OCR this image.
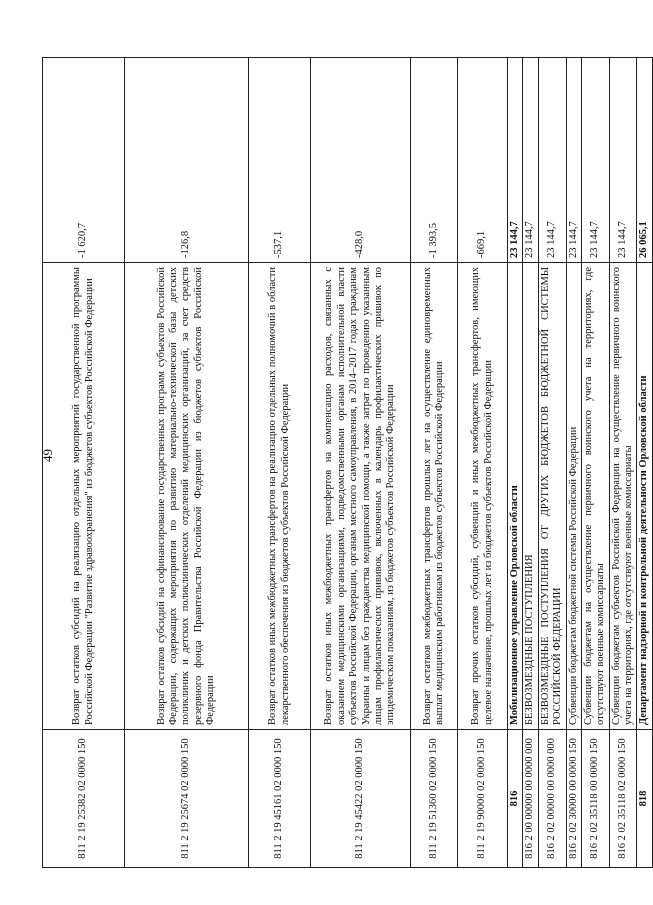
49
811 2 19 25382 02 0000 150	Возврат остатков субсидий на реализацию отдельных мероприятий государственной программы Российской Федерации "Развитие здравоохранения" из бюджетов субъектов Российской Федерации	-1 620,7
811 2 19 25674 02 0000 150	Возврат остатков субсидий на софинансирование государственных программ субъектов Российской Федерации, содержащих мероприятия по развитию материально-технической базы детских поликлиник и детских поликлинических отделений медицинских организаций, за счет средств резервного фонда Правительства Российской Федерации из бюджетов субъектов Российской Федерации	-126,8
811 2 19 45161 02 0000 150	Возврат остатков иных межбюджетных трансфертов на реализацию отдельных полномочий в области лекарственного обеспечения из бюджетов субъектов Российской Федерации	-537,1
811 2 19 45422 02 0000 150	Возврат остатков иных межбюджетных трансфертов на компенсацию расходов, связанных с оказанием медицинскими организациями, подведомственными органам исполнительной власти субъектов Российской Федерации, органам местного самоуправления, в 2014–2017 годах гражданам Украины и лицам без гражданства медицинской помощи, а также затрат по проведению указанным лицам профилактических прививок, включенных в календарь профилактических прививок по эпидемическим показаниям, из бюджетов субъектов Российской Федерации	-428,0
811 2 19 51360 02 0000 150	Возврат остатков межбюджетных трансфертов прошлых лет на осуществление единовременных выплат медицинским работникам из бюджетов субъектов Российской Федерации	-1 393,5
811 2 19 90000 02 0000 150	Возврат прочих остатков субсидий, субвенций и иных межбюджетных трансфертов, имеющих целевое назначение, прошлых лет из бюджетов субъектов Российской Федерации	-669,1
816	Мобилизационное управление Орловской области	23 144,7
816 2 00 00000 00 0000 000	БЕЗВОЗМЕЗДНЫЕ ПОСТУПЛЕНИЯ	23 144,7
816 2 02 00000 00 0000 000	БЕЗВОЗМЕЗДНЫЕ ПОСТУПЛЕНИЯ ОТ ДРУГИХ БЮДЖЕТОВ БЮДЖЕТНОЙ СИСТЕМЫ РОССИЙСКОЙ ФЕДЕРАЦИИ	23 144,7
816 2 02 30000 00 0000 150	Субвенции бюджетам бюджетной системы Российской Федерации	23 144,7
816 2 02 35118 00 0000 150	Субвенции бюджетам на осуществление первичного воинского учета на территориях, где отсутствуют военные комиссариаты	23 144,7
816 2 02 35118 02 0000 150	Субвенции бюджетам субъектов Российской Федерации на осуществление первичного воинского учета на территориях, где отсутствуют военные комиссариаты	23 144,7
818	Департамент надзорной и контрольной деятельности Орловской области	26 065,1
